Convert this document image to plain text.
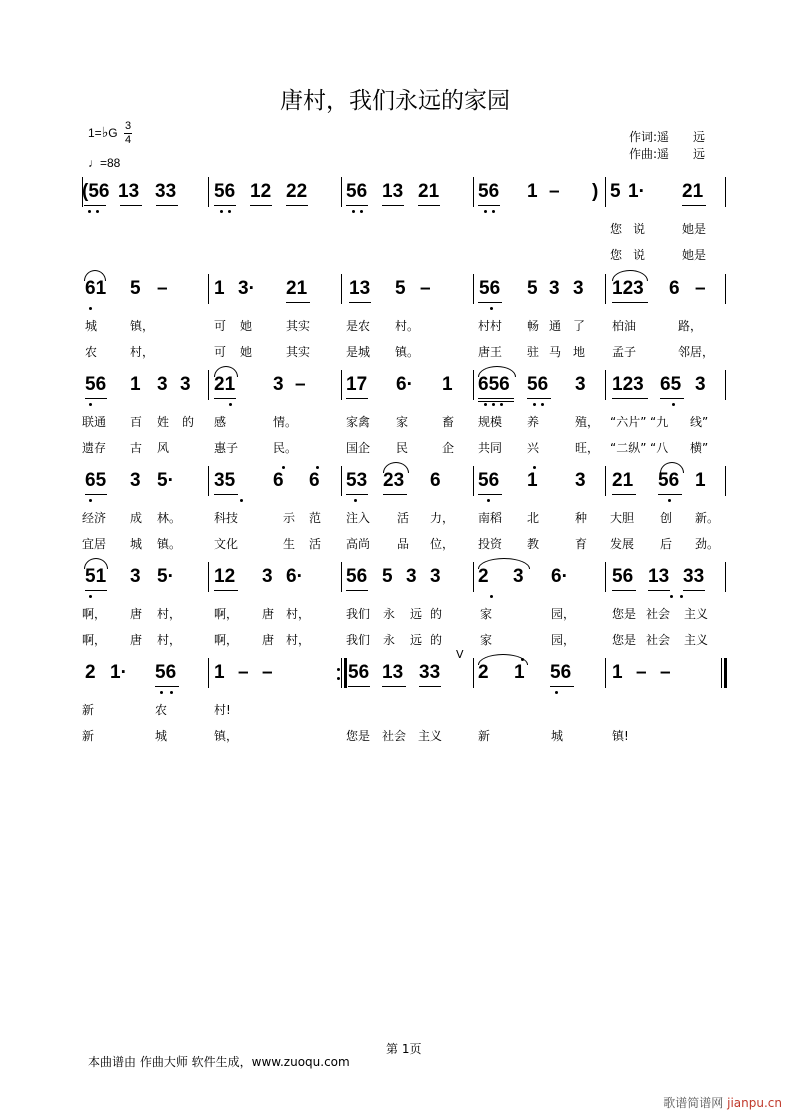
唐村，我们永远的家园
1=♭G 3
4
♩=88
作词:遥　　远
作曲:遥　　远
(56 13 33 56 12 22 56 13 21 56 1 – ) 5 1· 21
您 说	她是
您 说	她是
61 5 – 1 3· 21 13 5 –	56 5 3 3 123 6 –
城	镇，	可 她	其实	是农 村。	村村 畅 通 了 柏油	路，
农	村，	可 她	其实	是城 镇。	唐王 驻 马 地 孟子	邻居，
56 1 3 3 21 3 – 17 6· 1 656 56 3 123 65 3
联通 百 姓 的 感	情。	家禽 家	畜 规模 养	殖， “六片” “九 线”
遗存 古 风	惠子	民。	国企 民	企 共同 兴	旺， “二纵” “八 横”
65 3 5· 35 6 6 53 23 6 56 1 3 21 56 1
经济 成 林。	科技	示 范 注入 活 力， 南稻 北	种 大胆 创 新。
宜居 城 镇。	文化	生 活 高尚 品 位， 投资 教	育 发展 后 劲。
51 3 5· 12 3 6· 56 5 3 3 2 3 6· 56 13 33
啊， 唐 村，	啊， 唐 村，	我们 永 远 的	家	园，	您是 社会 主义
啊， 唐 村，	啊， 唐 村，	我们 永 远 的	家	园，	您是 社会 主义
2 1· 56 1 – –	56 13 33 2 1 56 1 – –
新	农	村!
新	城	镇，	您是 社会 主义	新	城	镇!
V
第 1页
本曲谱由 作曲大师 软件生成，www.zuoqu.com
歌谱简谱网 jianpu.cn
